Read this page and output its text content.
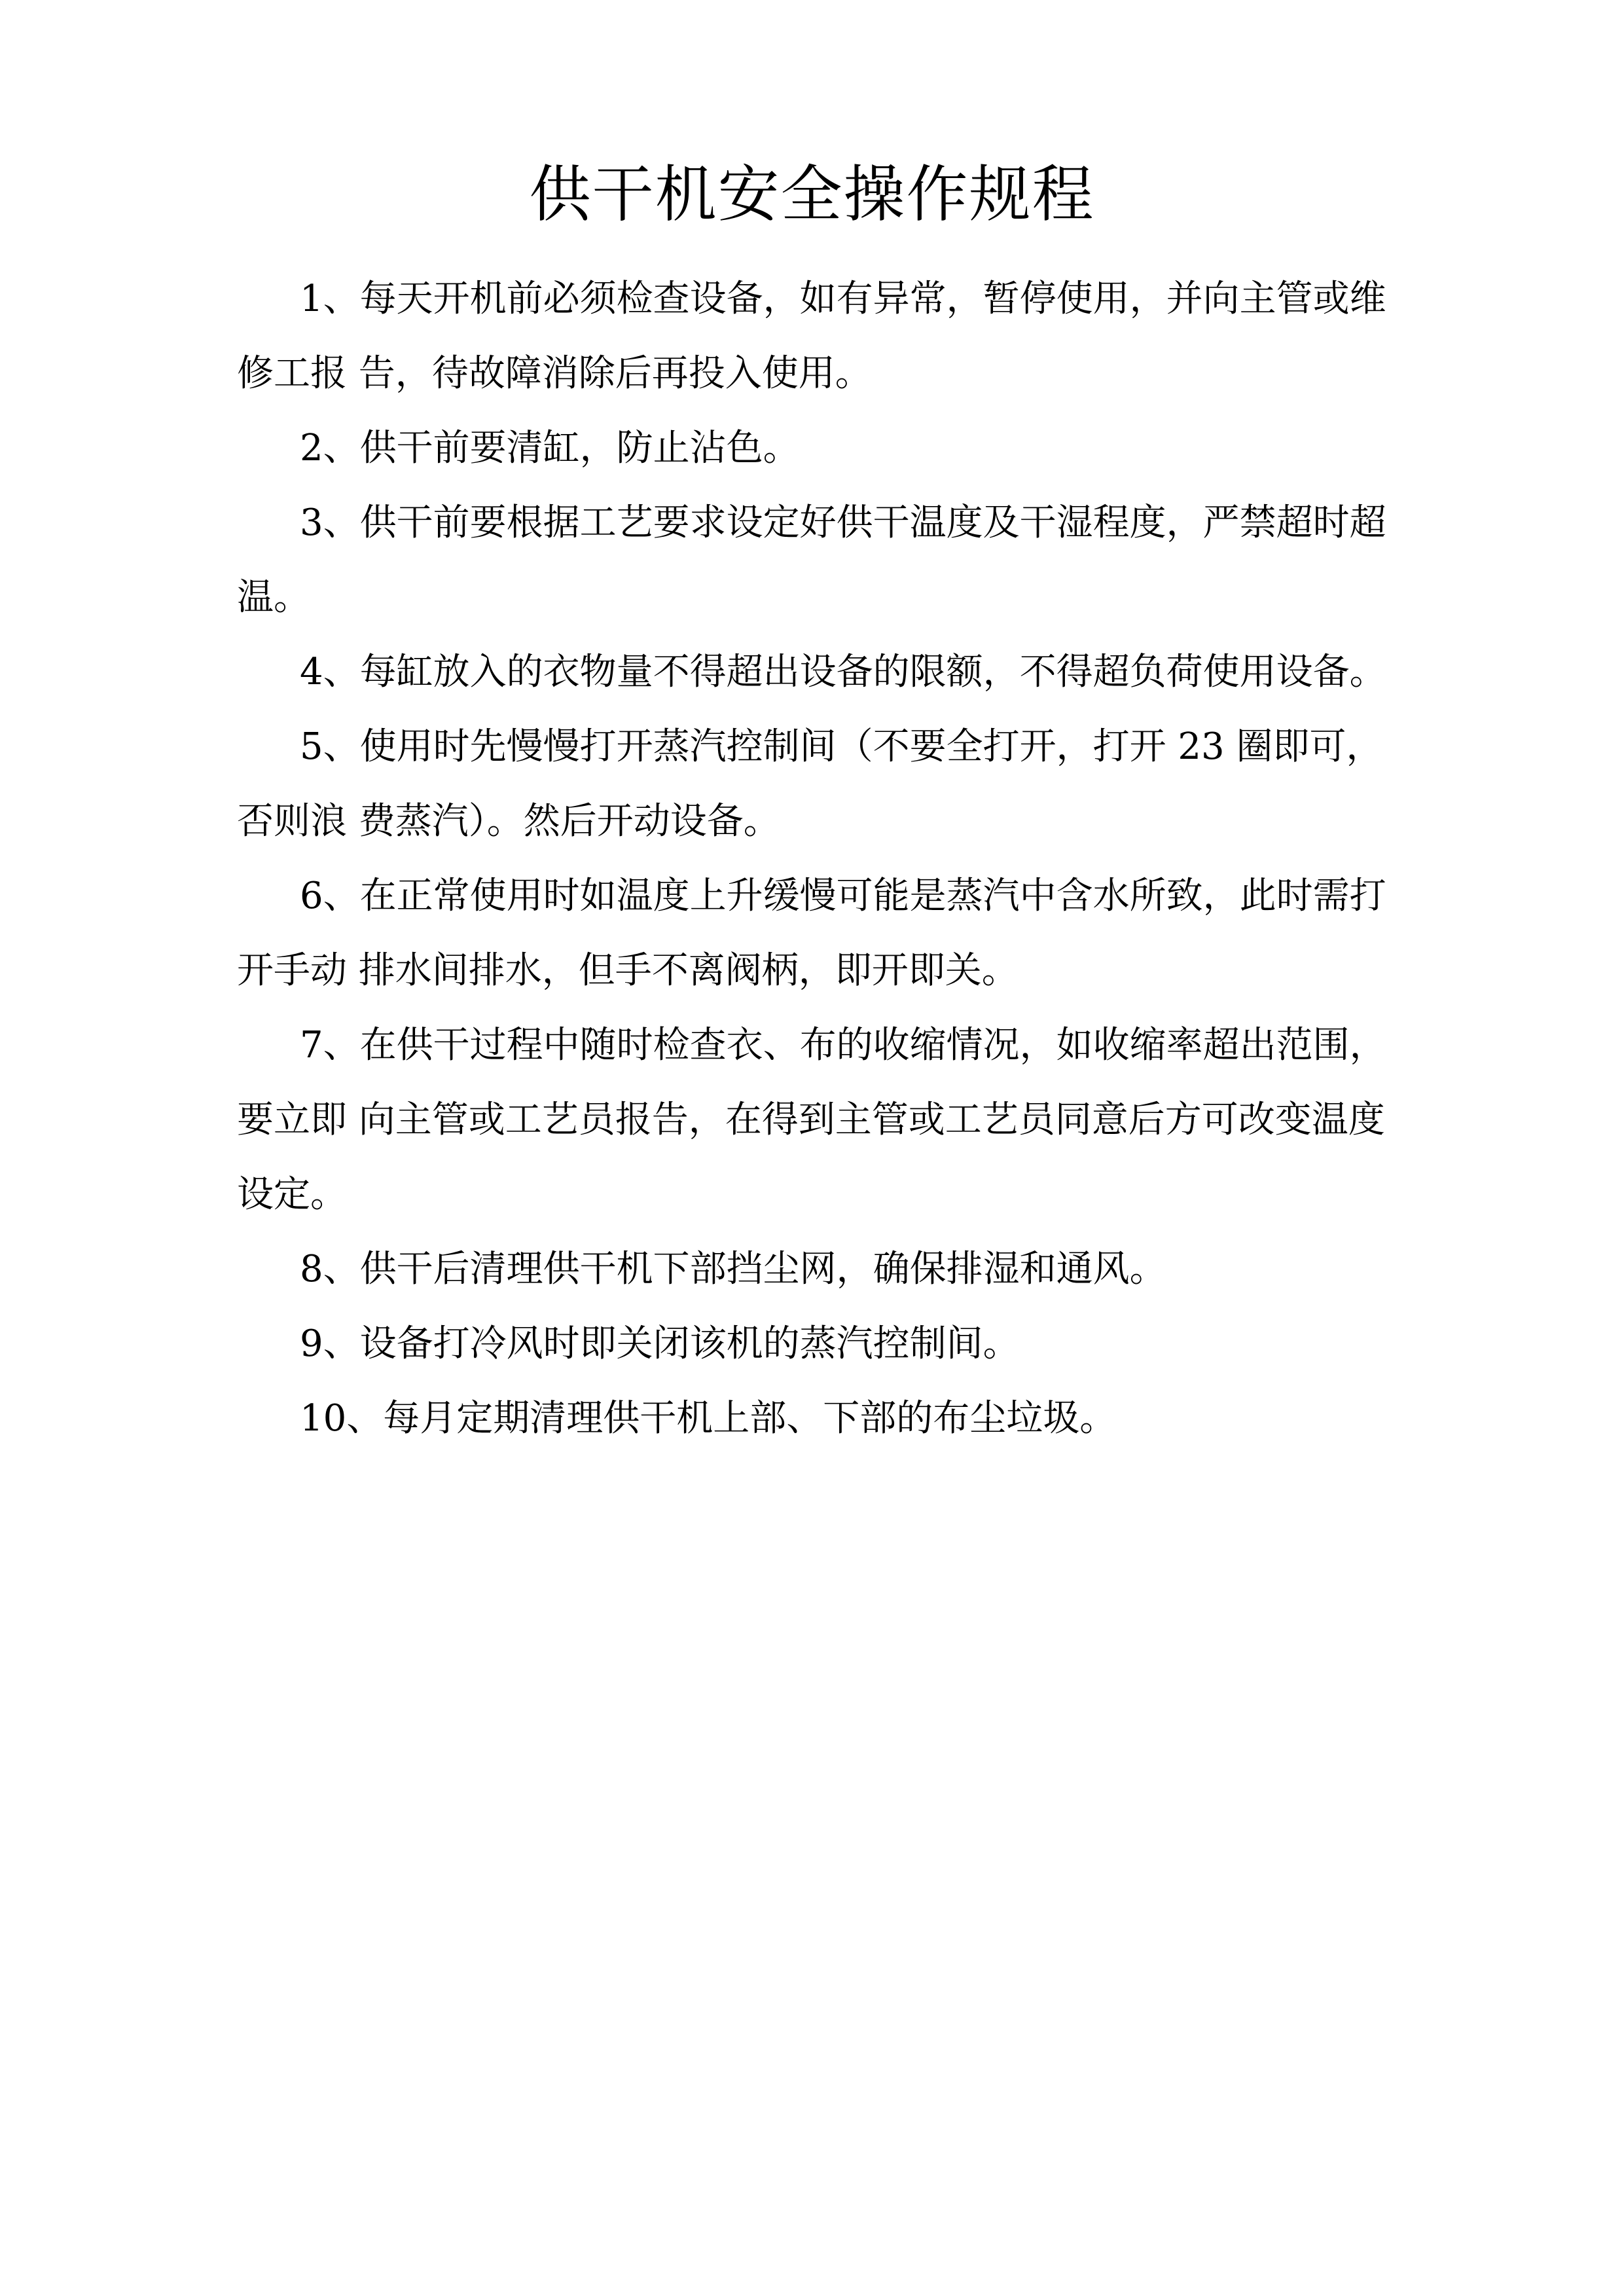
供干机安全操作规程

1、每天开机前必须检查设备，如有异常，暂停使用，并向主管或维修工报 告，待故障消除后再投入使用。

2、供干前要清缸，防止沾色。

3、供干前要根据工艺要求设定好供干温度及干湿程度，严禁超时超温。

4、每缸放入的衣物量不得超出设备的限额，不得超负荷使用设备。

5、使用时先慢慢打开蒸汽控制间（不要全打开，打开 23 圈即可，否则浪 费蒸汽）。然后开动设备。

6、在正常使用时如温度上升缓慢可能是蒸汽中含水所致，此时需打开手动 排水间排水，但手不离阀柄，即开即关。

7、在供干过程中随时检查衣、布的收缩情况，如收缩率超出范围，要立即 向主管或工艺员报告，在得到主管或工艺员同意后方可改变温度设定。

8、供干后清理供干机下部挡尘网，确保排湿和通风。

9、设备打冷风时即关闭该机的蒸汽控制间。

10、每月定期清理供干机上部、下部的布尘垃圾。
